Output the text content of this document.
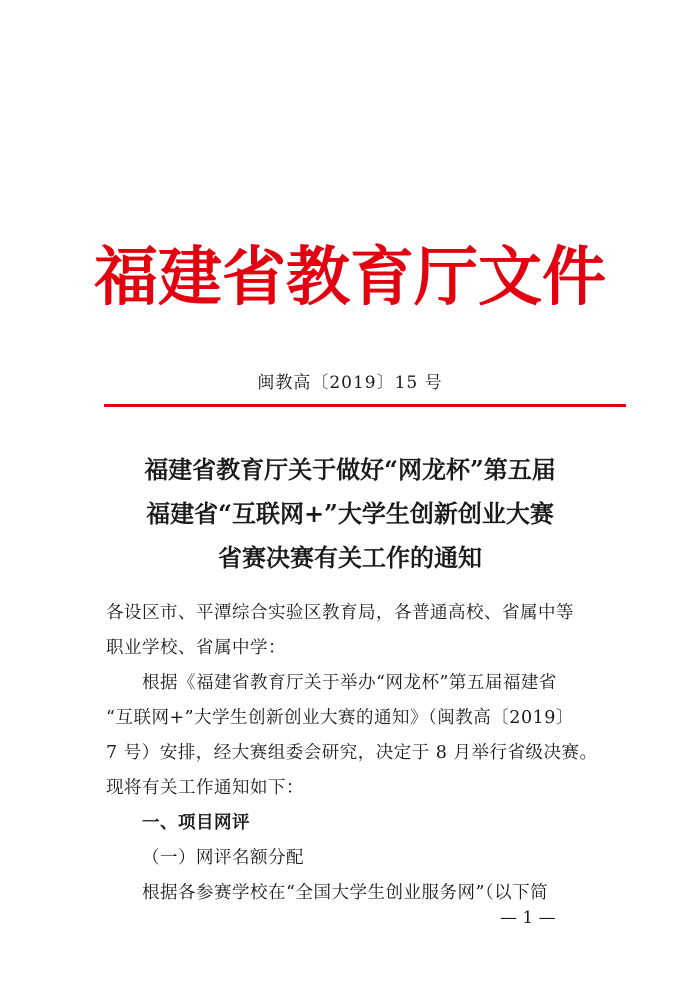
福建省教育厅文件
闽教高〔2019〕15 号
福建省教育厅关于做好“网龙杯”第五届
福建省“互联网+”大学生创新创业大赛
省赛决赛有关工作的通知
各设区市、平潭综合实验区教育局，各普通高校、省属中等
职业学校、省属中学：
根据《福建省教育厅关于举办“网龙杯”第五届福建省
“互联网+”大学生创新创业大赛的通知》（闽教高〔2019〕
7 号）安排，经大赛组委会研究，决定于 8 月举行省级决赛。
现将有关工作通知如下：
一、项目网评
（一）网评名额分配
根据各参赛学校在“全国大学生创业服务网”（以下简
— 1 —
